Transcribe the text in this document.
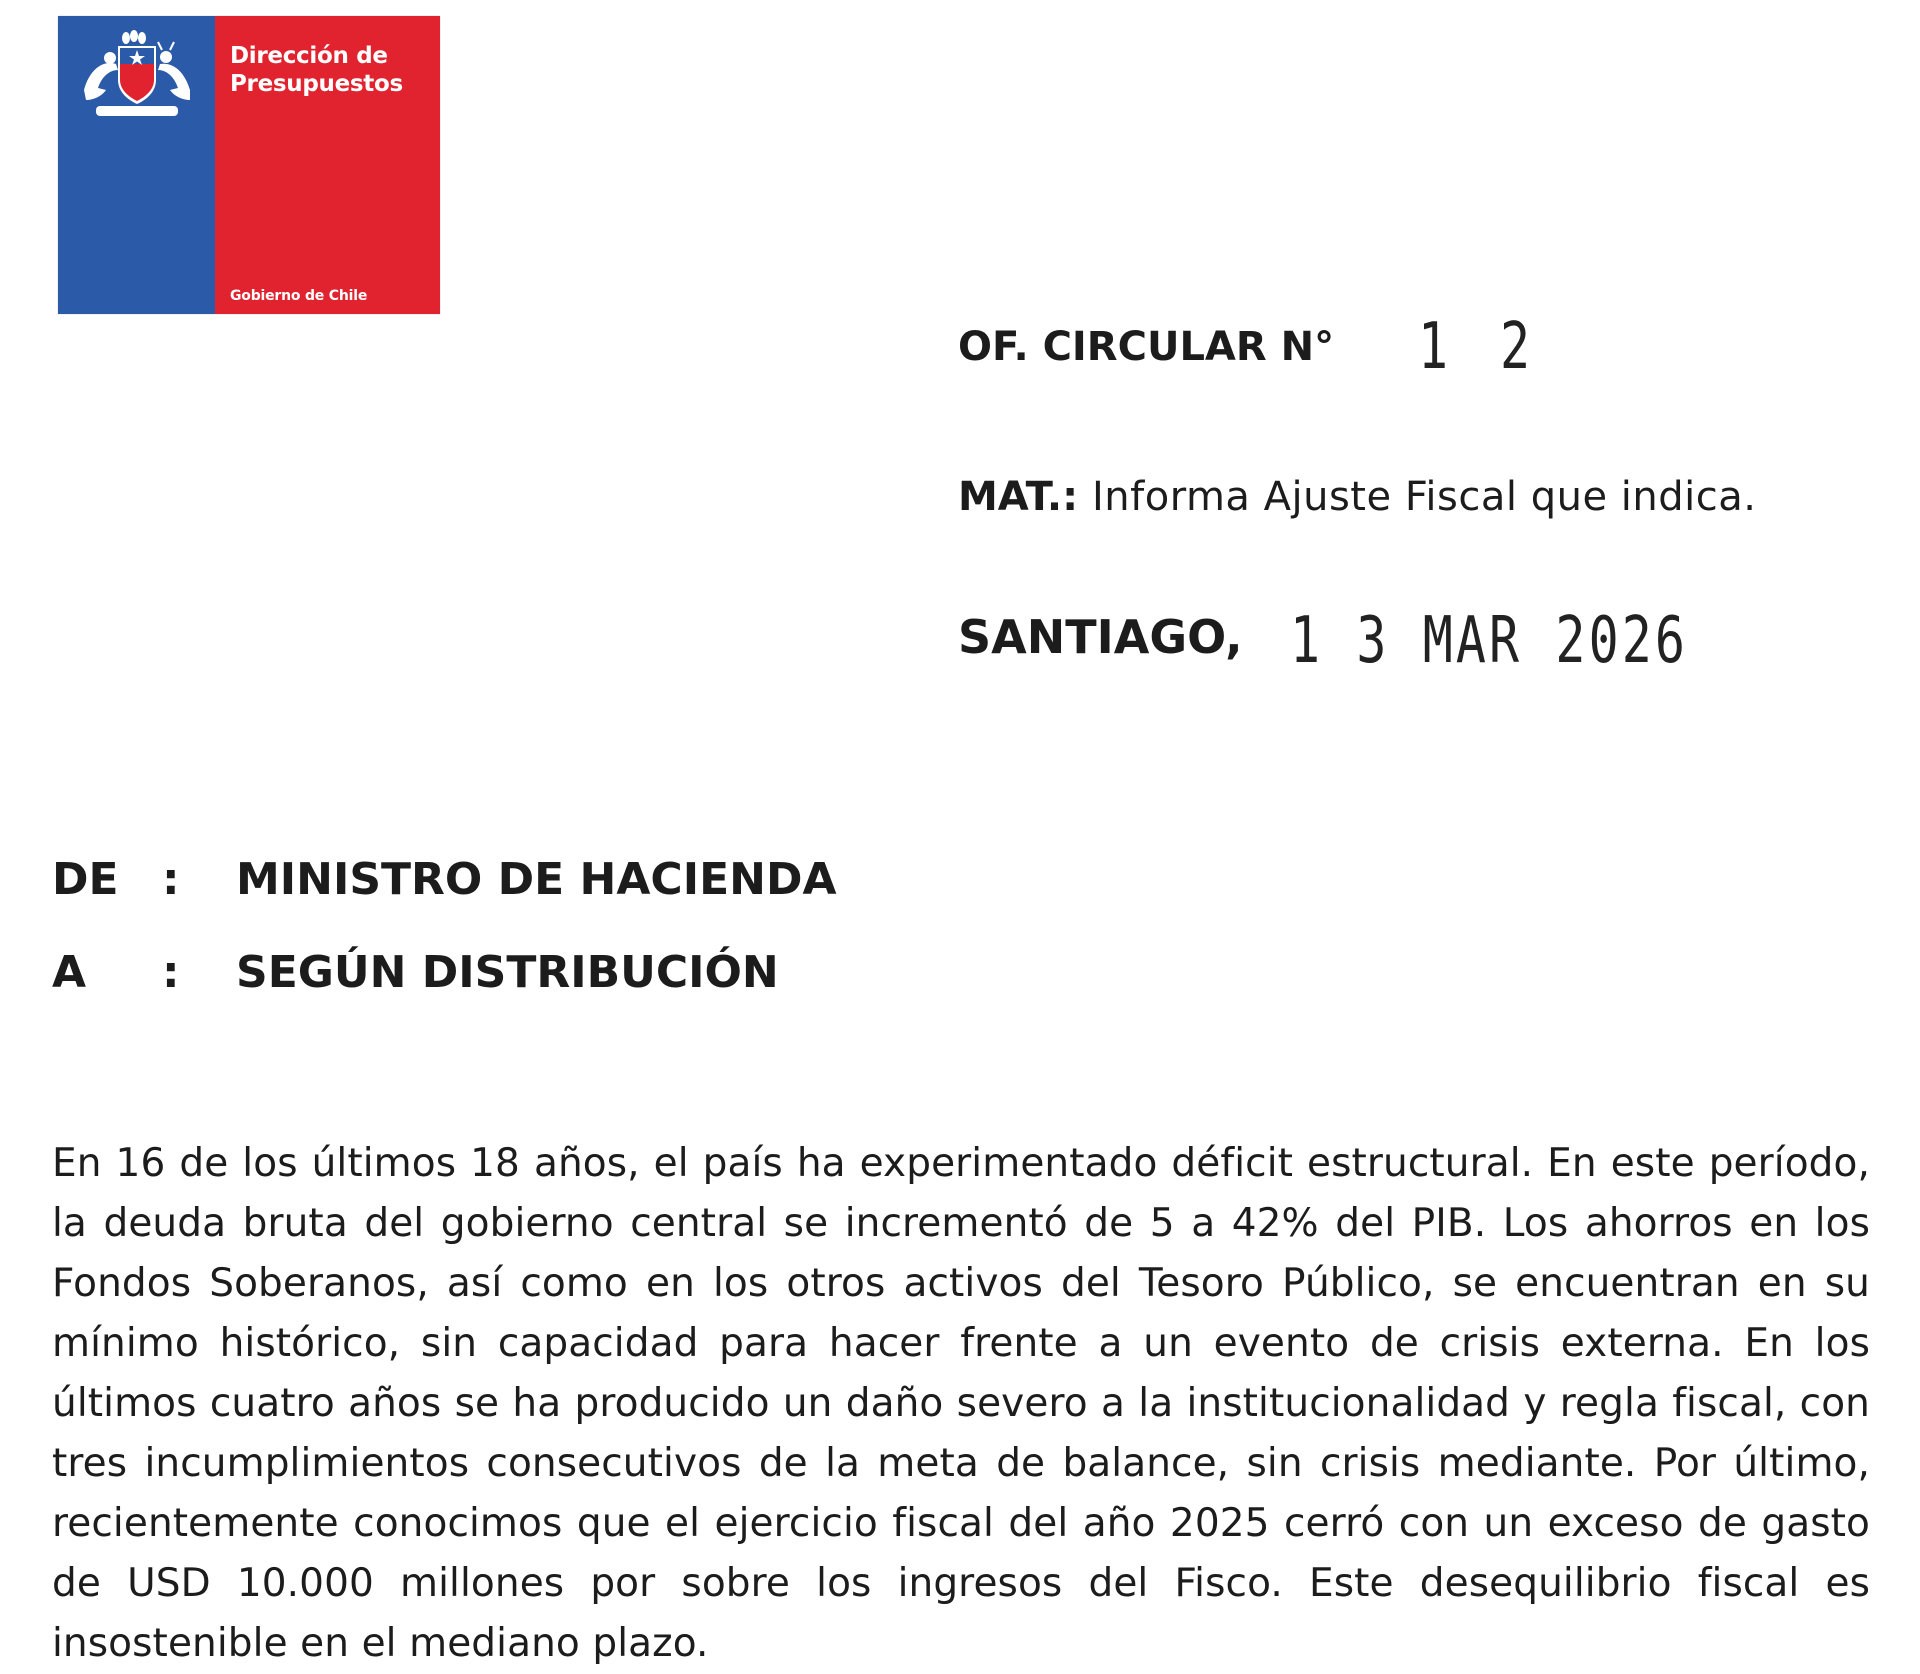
Dirección de
Presupuestos
Gobierno de Chile
OF. CIRCULAR N° 1 2
MAT.: Informa Ajuste Fiscal que indica.
SANTIAGO, 1 3 MAR 2026
DE : MINISTRO DE HACIENDA
A : SEGÚN DISTRIBUCIÓN

En 16 de los últimos 18 años, el país ha experimentado déficit estructural. En este período, la deuda bruta del gobierno central se incrementó de 5 a 42% del PIB. Los ahorros en los Fondos Soberanos, así como en los otros activos del Tesoro Público, se encuentran en su mínimo histórico, sin capacidad para hacer frente a un evento de crisis externa. En los últimos cuatro años se ha producido un daño severo a la institucionalidad y regla fiscal, con tres incumplimientos consecutivos de la meta de balance, sin crisis mediante. Por último, recientemente conocimos que el ejercicio fiscal del año 2025 cerró con un exceso de gasto de USD 10.000 millones por sobre los ingresos del Fisco. Este desequilibrio fiscal es insostenible en el mediano plazo.
